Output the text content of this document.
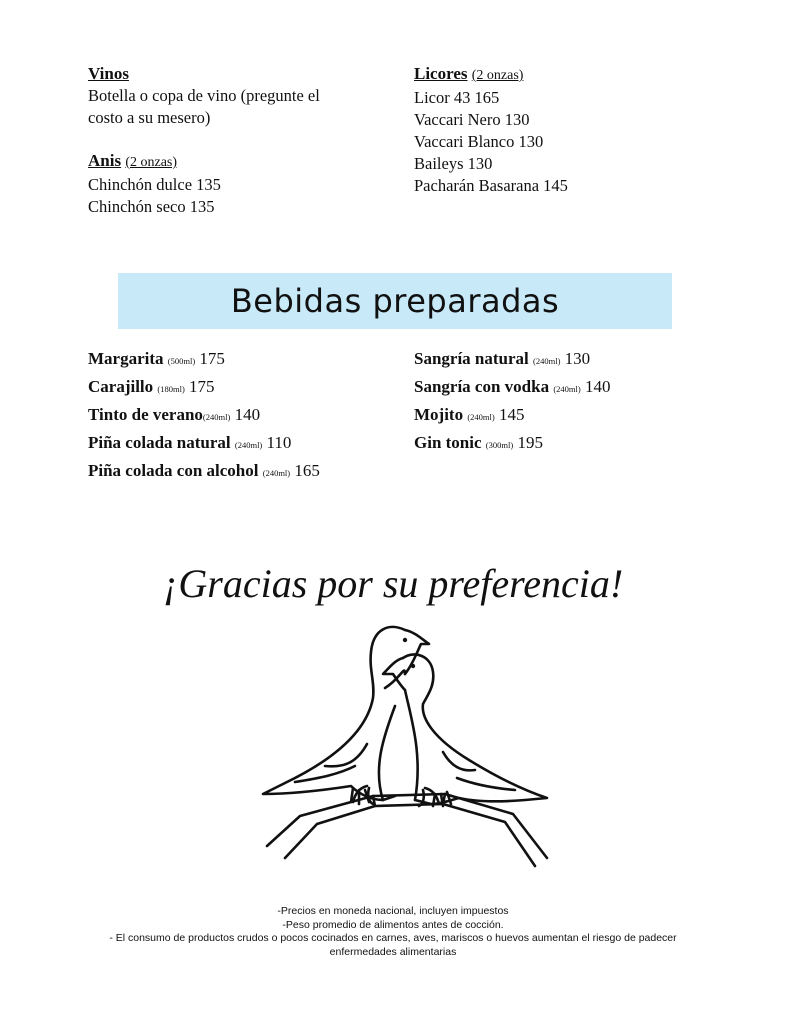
Vinos
Botella o copa de vino (pregunte el
costo a su mesero)
Anis (2 onzas)
Chinchón dulce 135
Chinchón seco 135
Licores (2 onzas)
Licor 43 165
Vaccari Nero 130
Vaccari Blanco 130
Baileys 130
Pacharán Basarana 145
Bebidas preparadas
Margarita (500ml) 175
Carajillo (180ml) 175
Tinto de verano(240ml) 140
Piña colada natural (240ml) 110
Piña colada con alcohol (240ml) 165
Sangría natural (240ml) 130
Sangría con vodka (240ml) 140
Mojito (240ml) 145
Gin tonic (300ml) 195
¡Gracias por su preferencia!
-Precios en moneda nacional, incluyen impuestos
-Peso promedio de alimentos antes de cocción.
- El consumo de productos crudos o pocos cocinados en carnes, aves, mariscos o huevos aumentan el riesgo de padecer
enfermedades alimentarias
